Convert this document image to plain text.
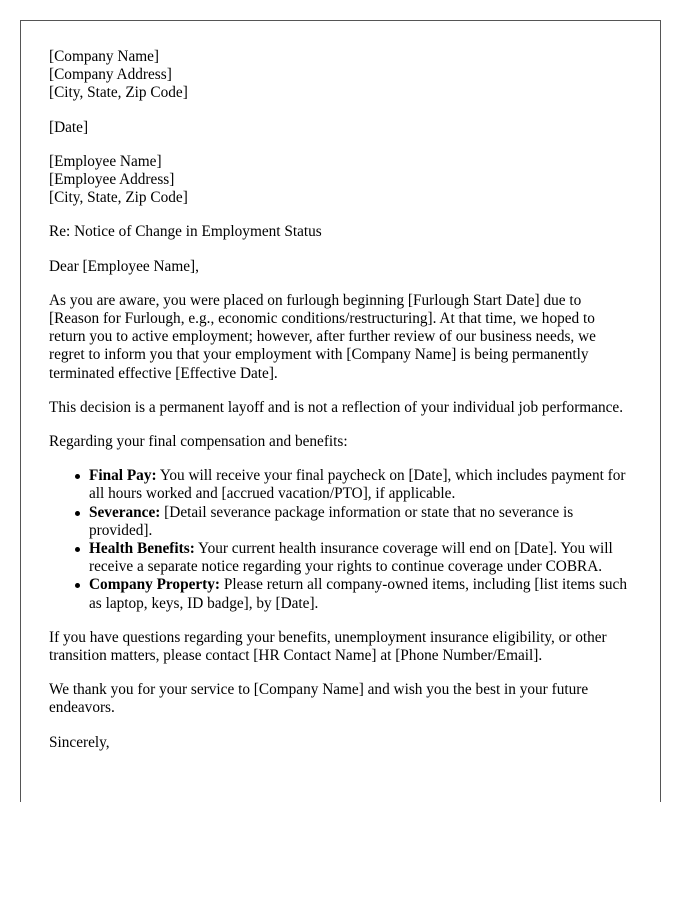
[Company Name]
[Company Address]
[City, State, Zip Code]
[Date]
[Employee Name]
[Employee Address]
[City, State, Zip Code]

Re: Notice of Change in Employment Status

Dear [Employee Name],

As you are aware, you were placed on furlough beginning [Furlough Start Date] due to [Reason for Furlough, e.g., economic conditions/restructuring]. At that time, we hoped to return you to active employment; however, after further review of our business needs, we regret to inform you that your employment with [Company Name] is being permanently terminated effective [Effective Date].

This decision is a permanent layoff and is not a reflection of your individual job performance.

Regarding your final compensation and benefits:

Final Pay: You will receive your final paycheck on [Date], which includes payment for all hours worked and [accrued vacation/PTO], if applicable.
Severance: [Detail severance package information or state that no severance is provided].
Health Benefits: Your current health insurance coverage will end on [Date]. You will receive a separate notice regarding your rights to continue coverage under COBRA.
Company Property: Please return all company-owned items, including [list items such as laptop, keys, ID badge], by [Date].

If you have questions regarding your benefits, unemployment insurance eligibility, or other transition matters, please contact [HR Contact Name] at [Phone Number/Email].

We thank you for your service to [Company Name] and wish you the best in your future endeavors.

Sincerely,
